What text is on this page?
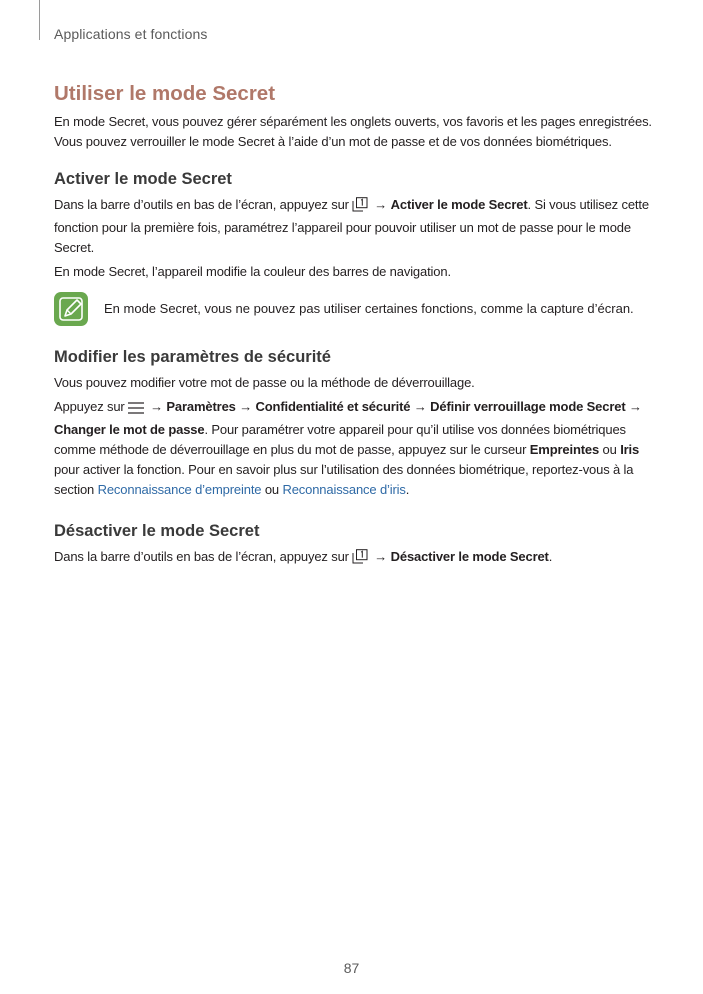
Applications et fonctions
Utiliser le mode Secret

En mode Secret, vous pouvez gérer séparément les onglets ouverts, vos favoris et les pages enregistrées. Vous pouvez verrouiller le mode Secret à l’aide d’un mot de passe et de vos données biométriques.

Activer le mode Secret

Dans la barre d’outils en bas de l’écran, appuyez sur → Activer le mode Secret. Si vous utilisez cette fonction pour la première fois, paramétrez l’appareil pour pouvoir utiliser un mot de passe pour le mode Secret.

En mode Secret, l’appareil modifie la couleur des barres de navigation.

En mode Secret, vous ne pouvez pas utiliser certaines fonctions, comme la capture d’écran.
Modifier les paramètres de sécurité

Vous pouvez modifier votre mot de passe ou la méthode de déverrouillage.

Appuyez sur → Paramètres → Confidentialité et sécurité → Définir verrouillage mode Secret → Changer le mot de passe. Pour paramétrer votre appareil pour qu’il utilise vos données biométriques comme méthode de déverrouillage en plus du mot de passe, appuyez sur le curseur Empreintes ou Iris pour activer la fonction. Pour en savoir plus sur l’utilisation des données biométrique, reportez-vous à la section Reconnaissance d’empreinte ou Reconnaissance d’iris.

Désactiver le mode Secret

Dans la barre d’outils en bas de l’écran, appuyez sur → Désactiver le mode Secret.

87
